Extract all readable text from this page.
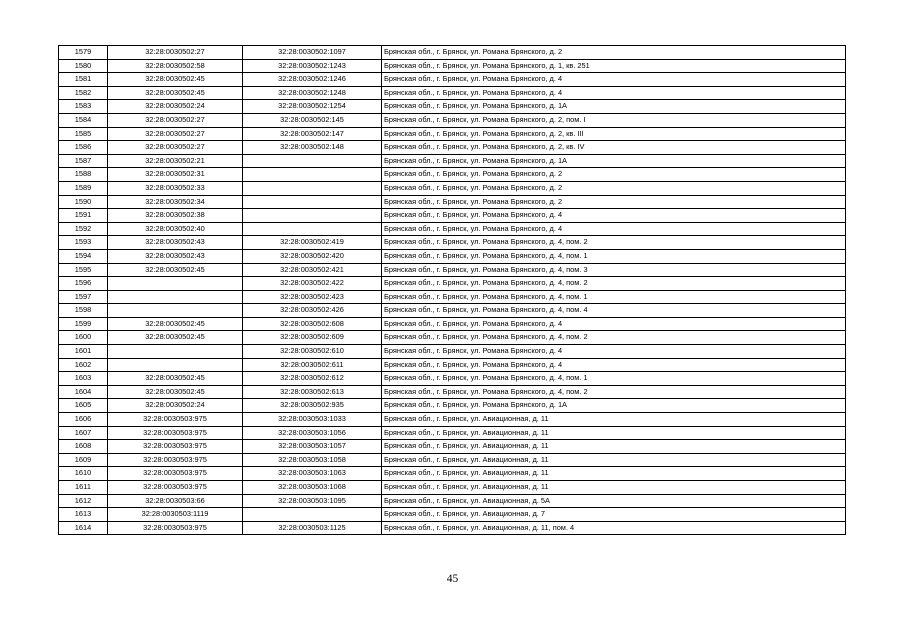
1579	32:28:0030502:27	32:28:0030502:1097	Брянская обл., г. Брянск, ул. Романа Брянского, д. 2
1580	32:28:0030502:58	32:28:0030502:1243	Брянская обл., г. Брянск, ул. Романа Брянского, д. 1, кв. 251
1581	32:28:0030502:45	32:28:0030502:1246	Брянская обл., г. Брянск, ул. Романа Брянского, д. 4
1582	32:28:0030502:45	32:28:0030502:1248	Брянская обл., г. Брянск, ул. Романа Брянского, д. 4
1583	32:28:0030502:24	32:28:0030502:1254	Брянская обл., г. Брянск, ул. Романа Брянского, д. 1А
1584	32:28:0030502:27	32:28:0030502:145	Брянская обл., г. Брянск, ул. Романа Брянского, д. 2, пом. I
1585	32:28:0030502:27	32:28:0030502:147	Брянская обл., г. Брянск, ул. Романа Брянского, д. 2, кв. III
1586	32:28:0030502:27	32:28:0030502:148	Брянская обл., г. Брянск, ул. Романа Брянского, д. 2, кв. IV
1587	32:28:0030502:21		Брянская обл., г. Брянск, ул. Романа Брянского, д. 1А
1588	32:28:0030502:31		Брянская обл., г. Брянск, ул. Романа Брянского, д. 2
1589	32:28:0030502:33		Брянская обл., г. Брянск, ул. Романа Брянского, д. 2
1590	32:28:0030502:34		Брянская обл., г. Брянск, ул. Романа Брянского, д. 2
1591	32:28:0030502:38		Брянская обл., г. Брянск, ул. Романа Брянского, д. 4
1592	32:28:0030502:40		Брянская обл., г. Брянск, ул. Романа Брянского, д. 4
1593	32:28:0030502:43	32:28:0030502:419	Брянская обл., г. Брянск, ул. Романа Брянского, д. 4, пом. 2
1594	32:28:0030502:43	32:28:0030502:420	Брянская обл., г. Брянск, ул. Романа Брянского, д. 4, пом. 1
1595	32:28:0030502:45	32:28:0030502:421	Брянская обл., г. Брянск, ул. Романа Брянского, д. 4, пом. 3
1596		32:28:0030502:422	Брянская обл., г. Брянск, ул. Романа Брянского, д. 4, пом. 2
1597		32:28:0030502:423	Брянская обл., г. Брянск, ул. Романа Брянского, д. 4, пом. 1
1598		32:28:0030502:426	Брянская обл., г. Брянск, ул. Романа Брянского, д. 4, пом. 4
1599	32:28:0030502:45	32:28:0030502:608	Брянская обл., г. Брянск, ул. Романа Брянского, д. 4
1600	32:28:0030502:45	32:28:0030502:609	Брянская обл., г. Брянск, ул. Романа Брянского, д. 4, пом. 2
1601		32:28:0030502:610	Брянская обл., г. Брянск, ул. Романа Брянского, д. 4
1602		32:28:0030502:611	Брянская обл., г. Брянск, ул. Романа Брянского, д. 4
1603	32:28:0030502:45	32:28:0030502:612	Брянская обл., г. Брянск, ул. Романа Брянского, д. 4, пом. 1
1604	32:28:0030502:45	32:28:0030502:613	Брянская обл., г. Брянск, ул. Романа Брянского, д. 4, пом. 2
1605	32:28:0030502:24	32:28:0030502:935	Брянская обл., г. Брянск, ул. Романа Брянского, д. 1А
1606	32:28:0030503:975	32:28:0030503:1033	Брянская обл., г. Брянск, ул. Авиационная, д. 11
1607	32:28:0030503:975	32:28:0030503:1056	Брянская обл., г. Брянск, ул. Авиационная, д. 11
1608	32:28:0030503:975	32:28:0030503:1057	Брянская обл., г. Брянск, ул. Авиационная, д. 11
1609	32:28:0030503:975	32:28:0030503:1058	Брянская обл., г. Брянск, ул. Авиационная, д. 11
1610	32:28:0030503:975	32:28:0030503:1063	Брянская обл., г. Брянск, ул. Авиационная, д. 11
1611	32:28:0030503:975	32:28:0030503:1068	Брянская обл., г. Брянск, ул. Авиационная, д. 11
1612	32:28:0030503:66	32:28:0030503:1095	Брянская обл., г. Брянск, ул. Авиационная, д. 5А
1613	32:28:0030503:1119		Брянская обл., г. Брянск, ул. Авиационная, д. 7
1614	32:28:0030503:975	32:28:0030503:1125	Брянская обл., г. Брянск, ул. Авиационная, д. 11, пом. 4
45
